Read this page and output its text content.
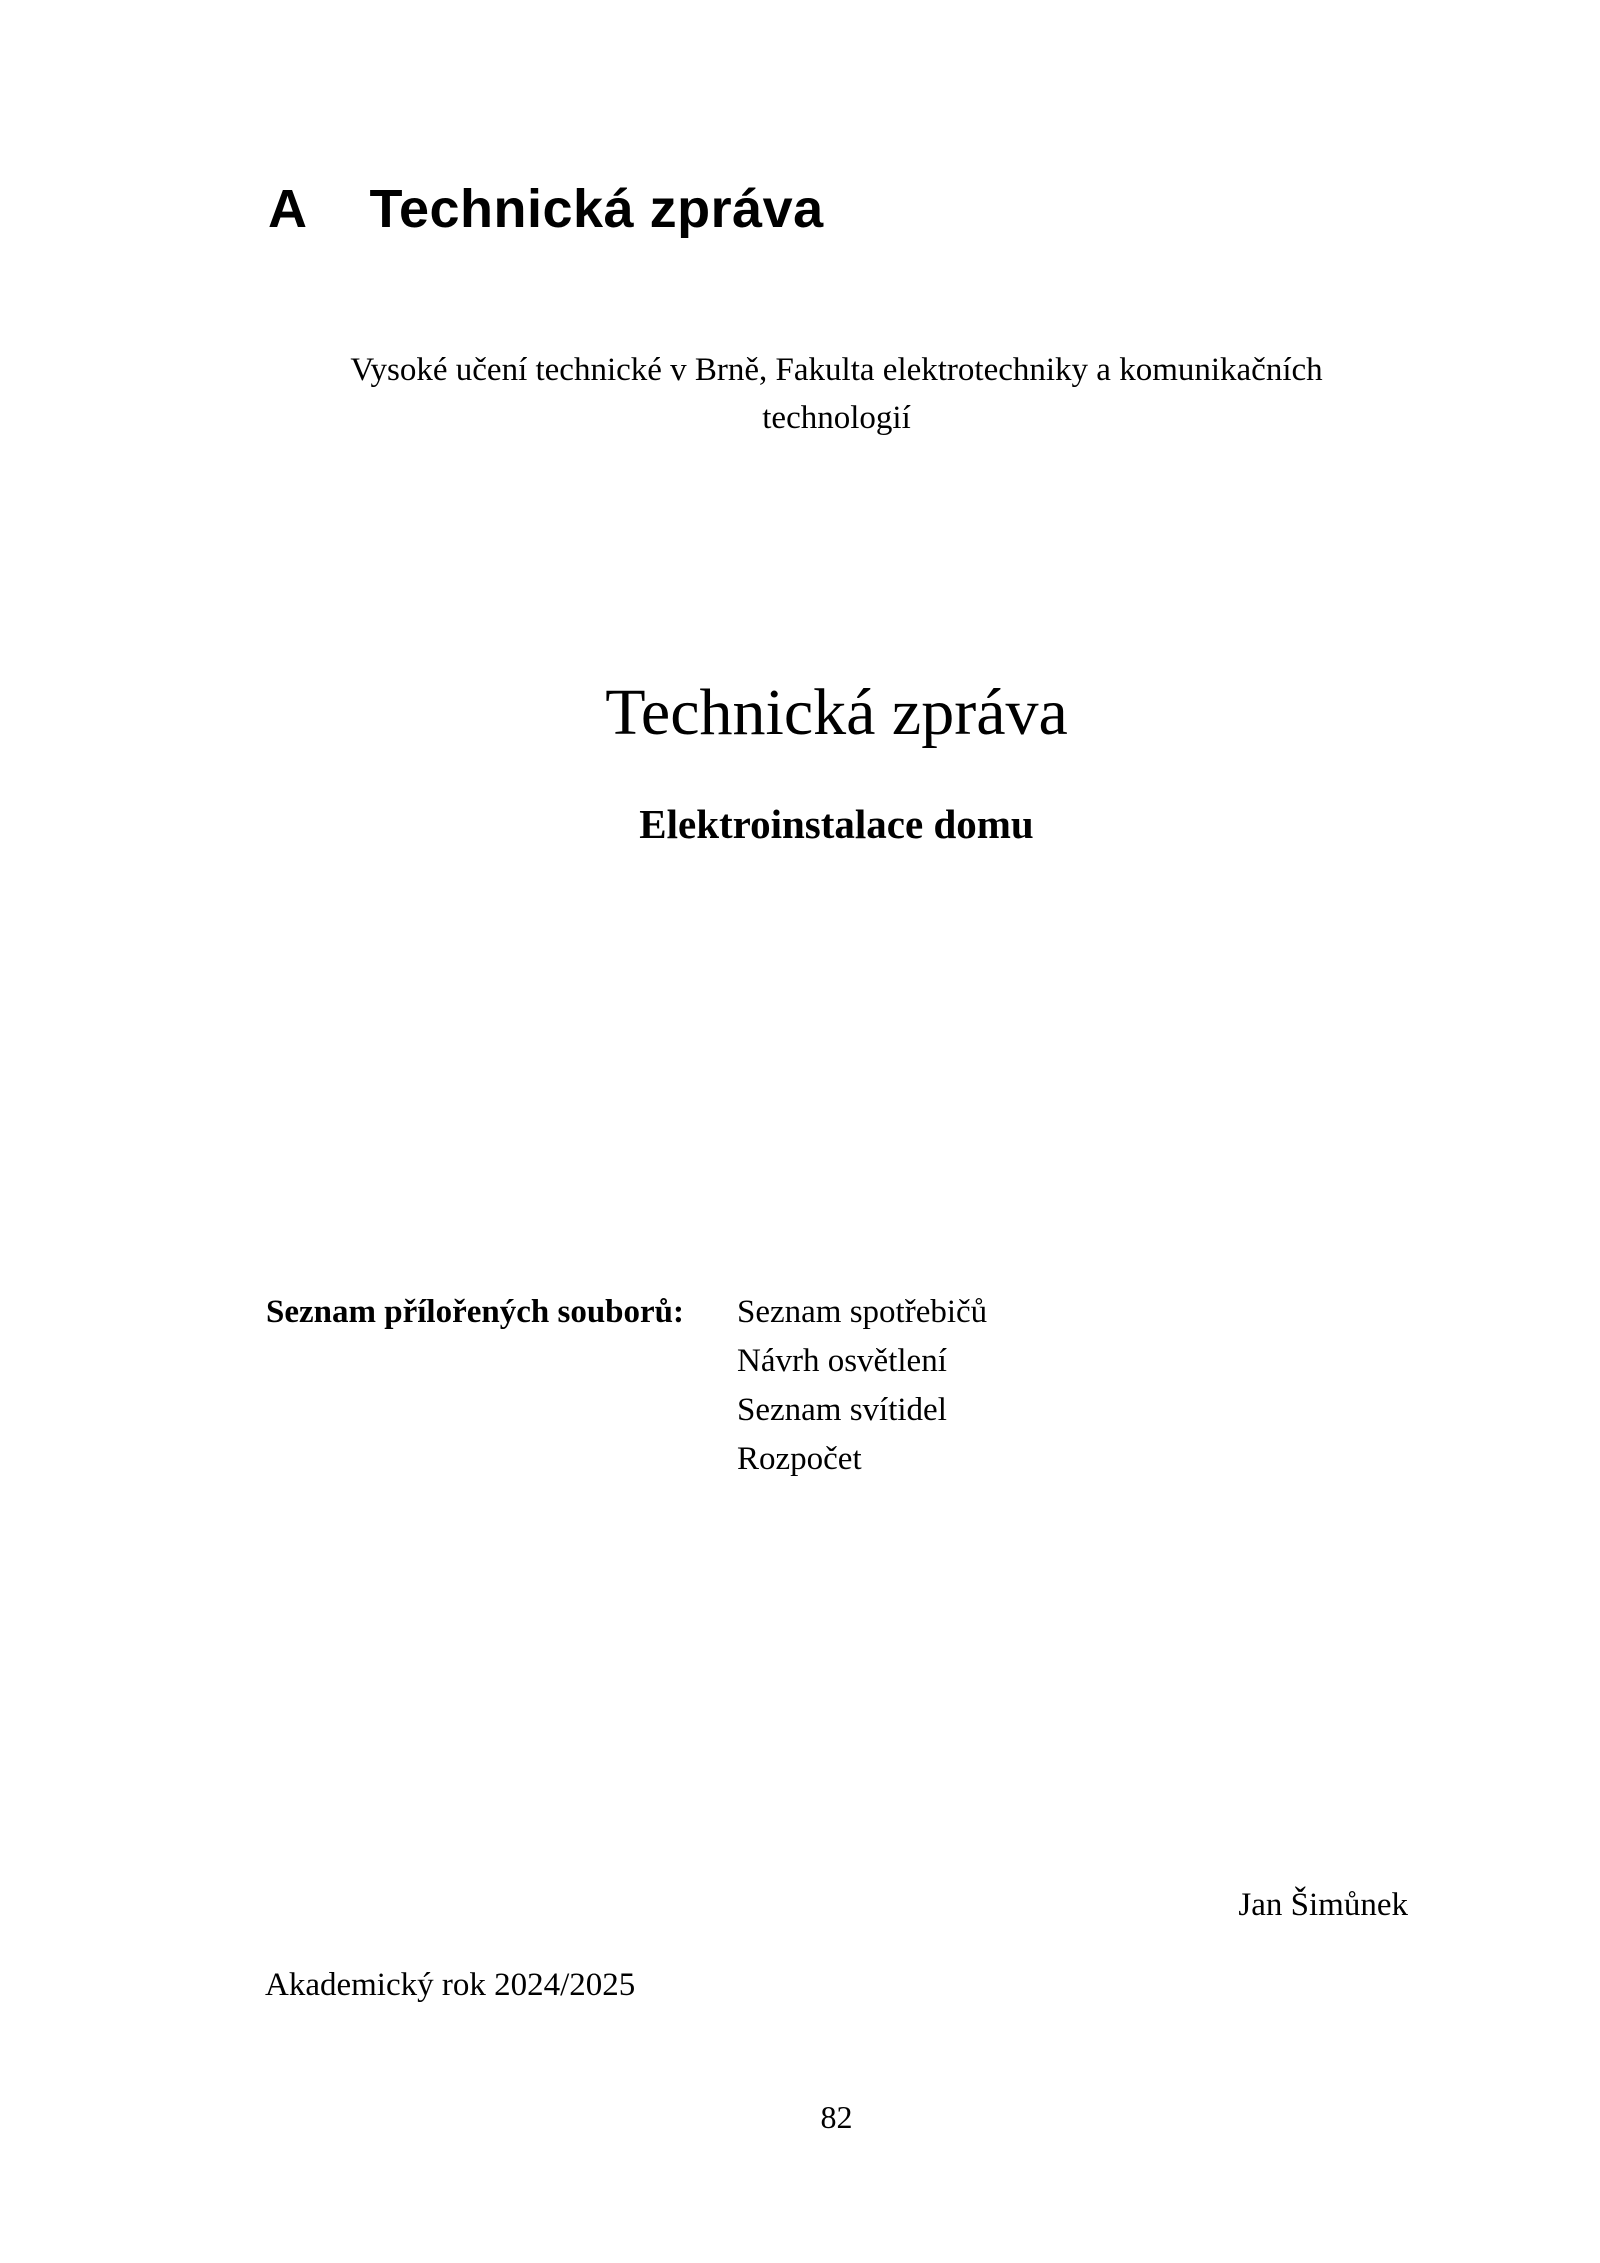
A Technická zpráva
Vysoké učení technické v Brně, Fakulta elektrotechniky a komunikačních
technologií
Technická zpráva
Elektroinstalace domu
Seznam přílořených souborů: Seznam spotřebičů
Návrh osvětlení
Seznam svítidel
Rozpočet
Jan Šimůnek
Akademický rok 2024/2025
82
